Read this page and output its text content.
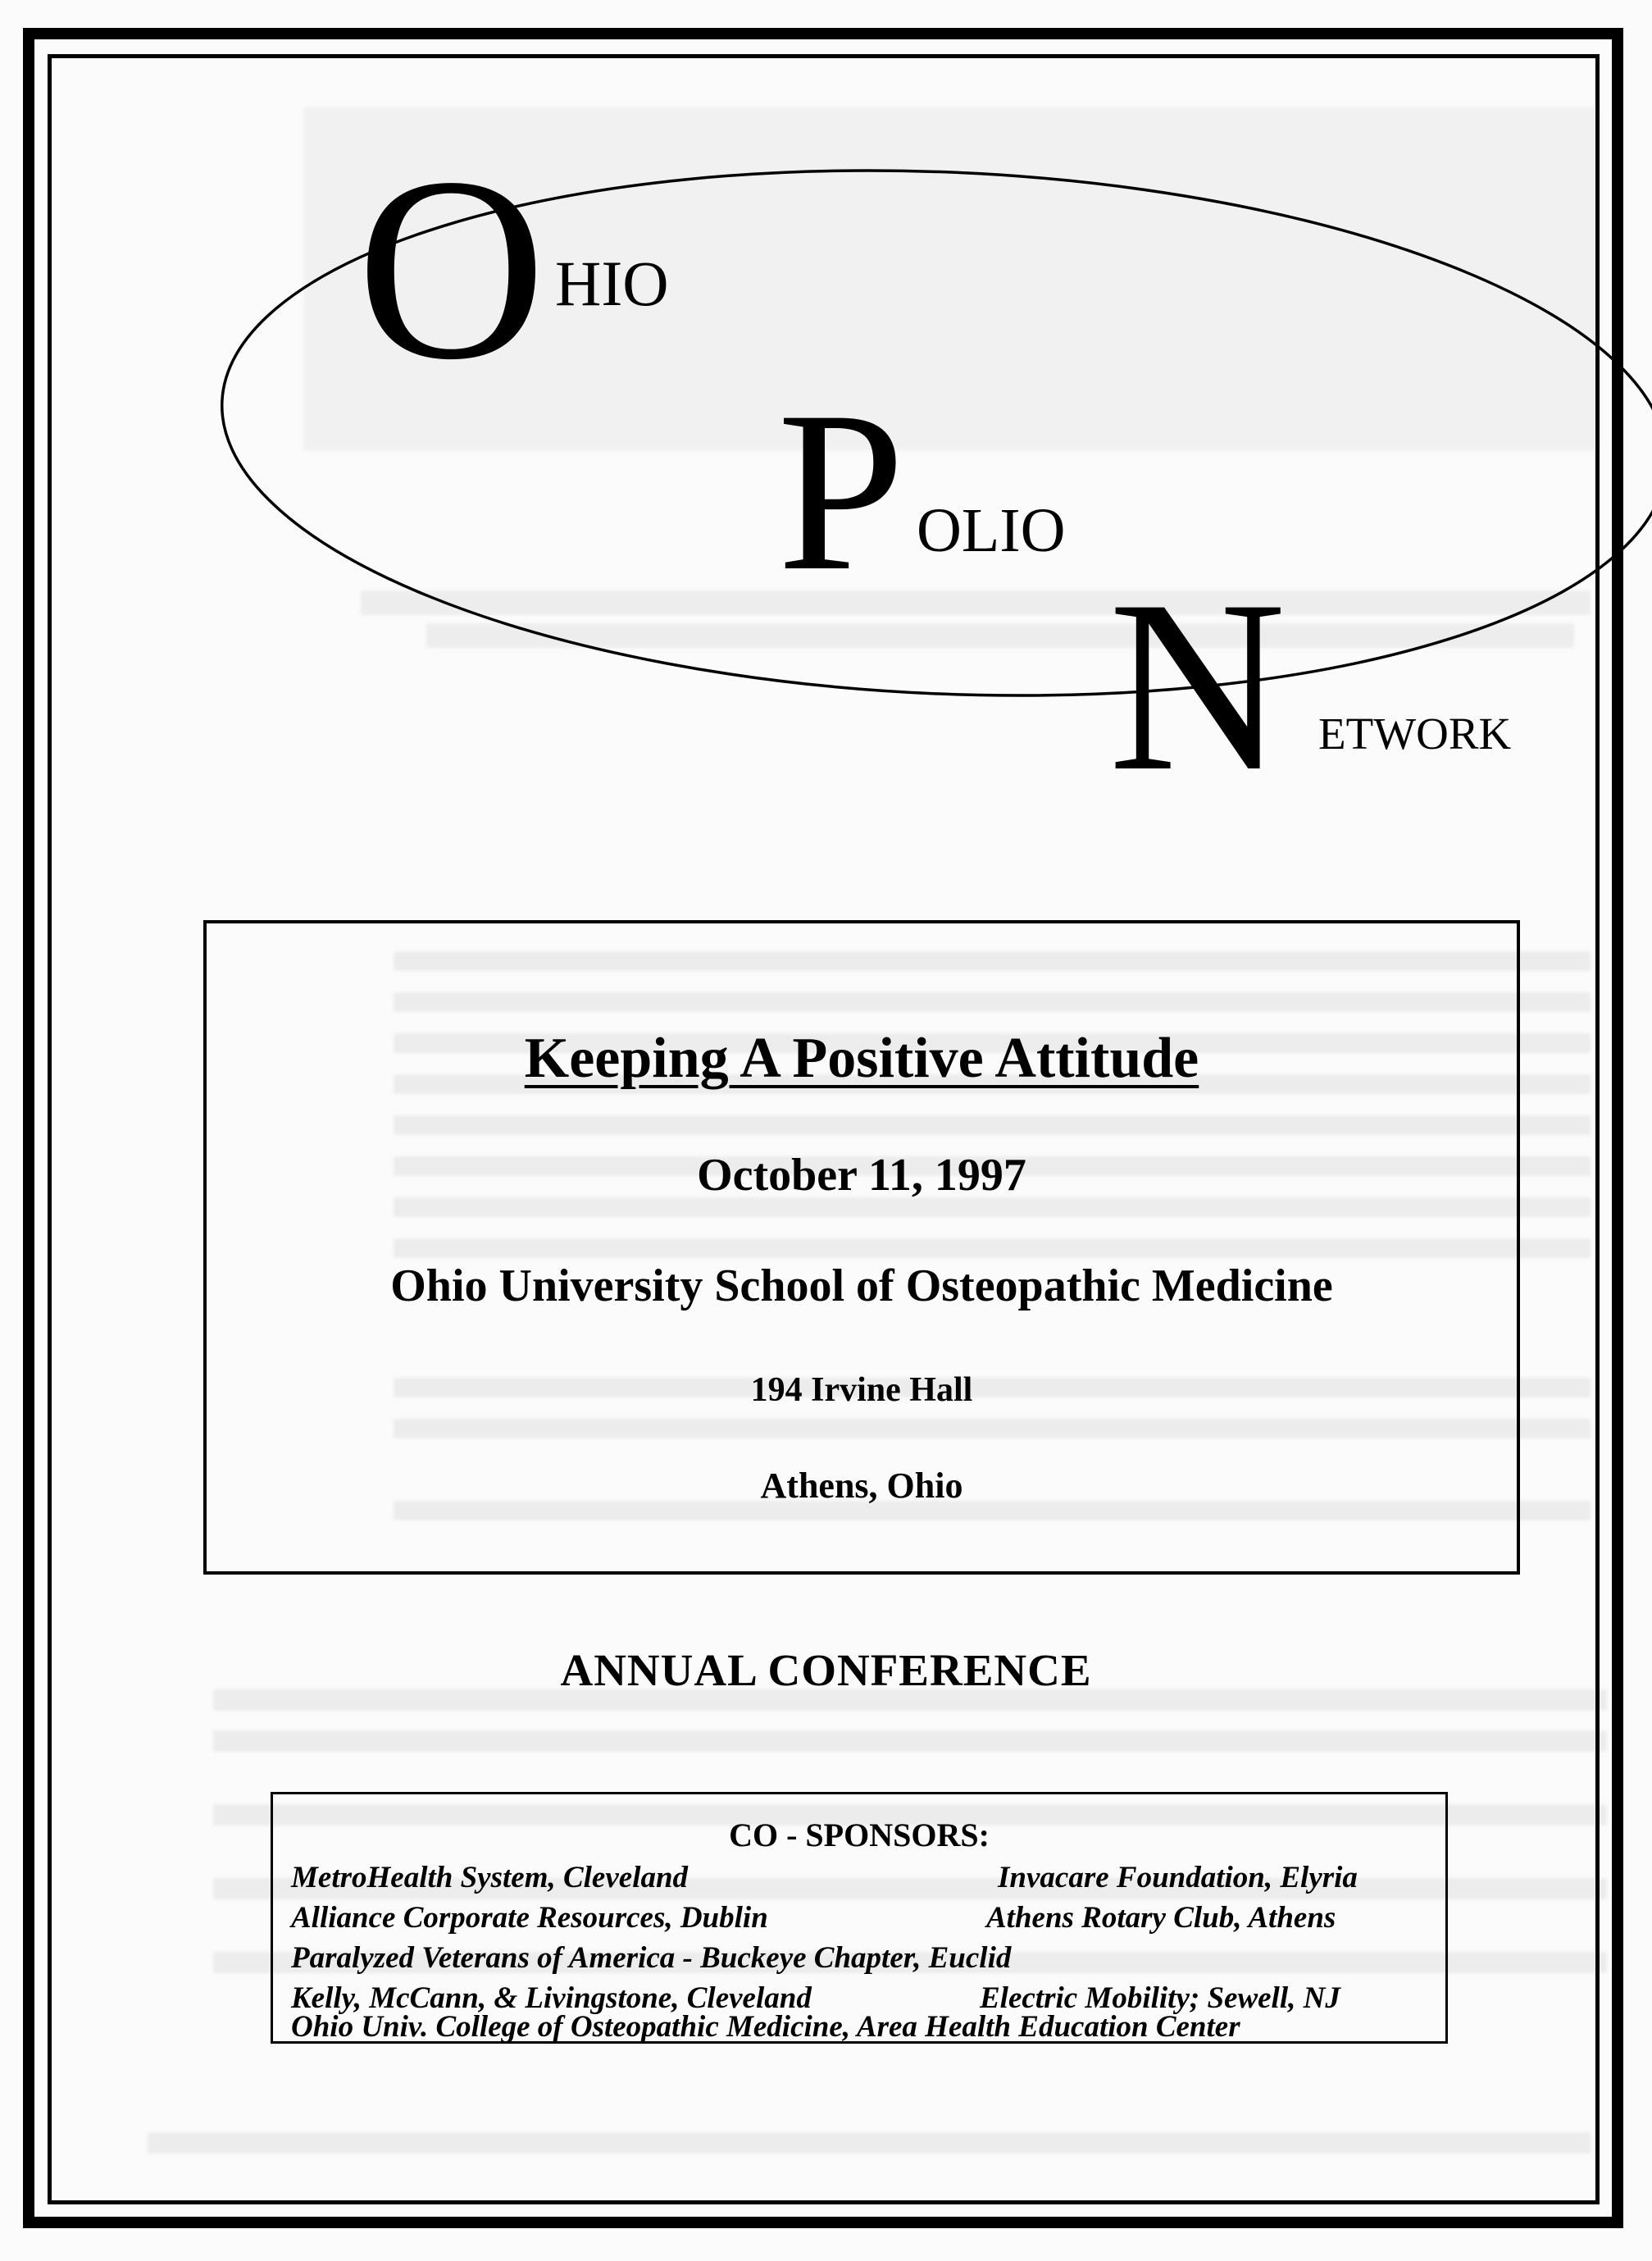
O HIO
P OLIO
N ETWORK
Keeping A Positive Attitude
October 11, 1997
Ohio University School of Osteopathic Medicine
194 Irvine Hall
Athens, Ohio
ANNUAL CONFERENCE
CO - SPONSORS:
MetroHealth System, Cleveland	Invacare Foundation, Elyria
Alliance Corporate Resources, Dublin	Athens Rotary Club, Athens
Paralyzed Veterans of America - Buckeye Chapter, Euclid
Kelly, McCann, & Livingstone, Cleveland	Electric Mobility; Sewell, NJ
Ohio Univ. College of Osteopathic Medicine, Area Health Education Center
